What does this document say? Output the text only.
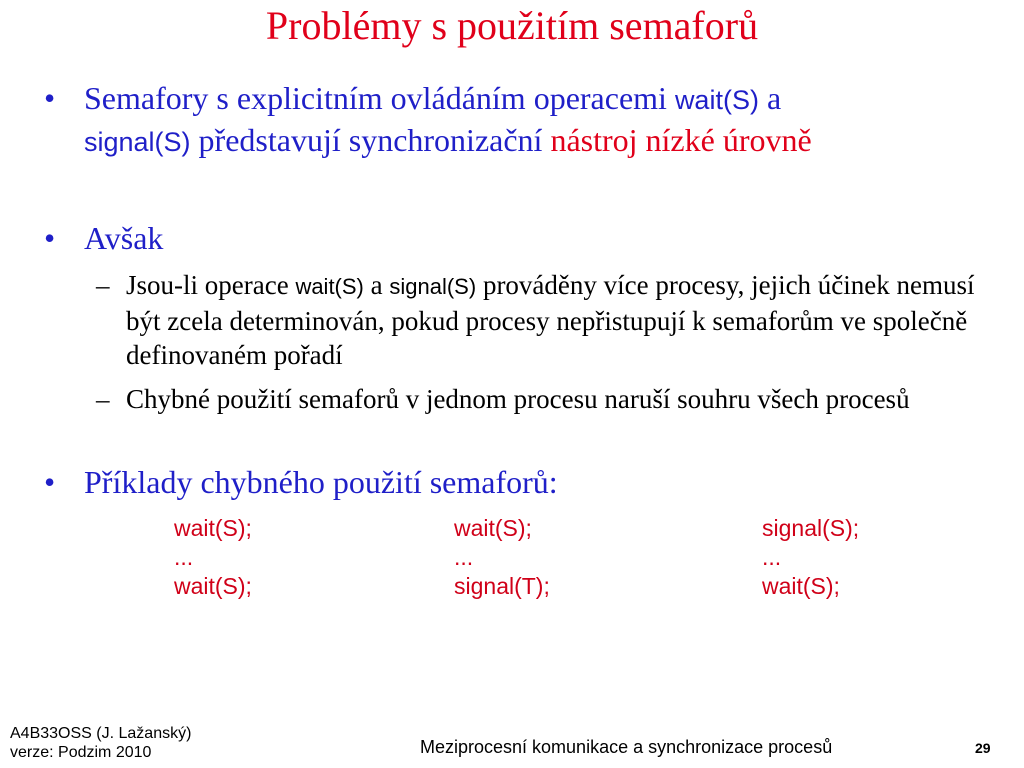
Problémy s použitím semaforů
• Semafory s explicitním ovládáním operacemi wait(S) a
signal(S) představují synchronizační nástroj nízké úrovně
• Avšak
– Jsou-li operace wait(S) a signal(S) prováděny více procesy, jejich účinek nemusí být zcela determinován, pokud procesy nepřistupují k semaforům ve společně definovaném pořadí
– Chybné použití semaforů v jednom procesu naruší souhru všech procesů
• Příklady chybného použití semaforů:
wait(S);
...
wait(S);
wait(S);
...
signal(T);
signal(S);
...
wait(S);
A4B33OSS (J. Lažanský)
verze: Podzim 2010	Meziprocesní komunikace a synchronizace procesů	29
